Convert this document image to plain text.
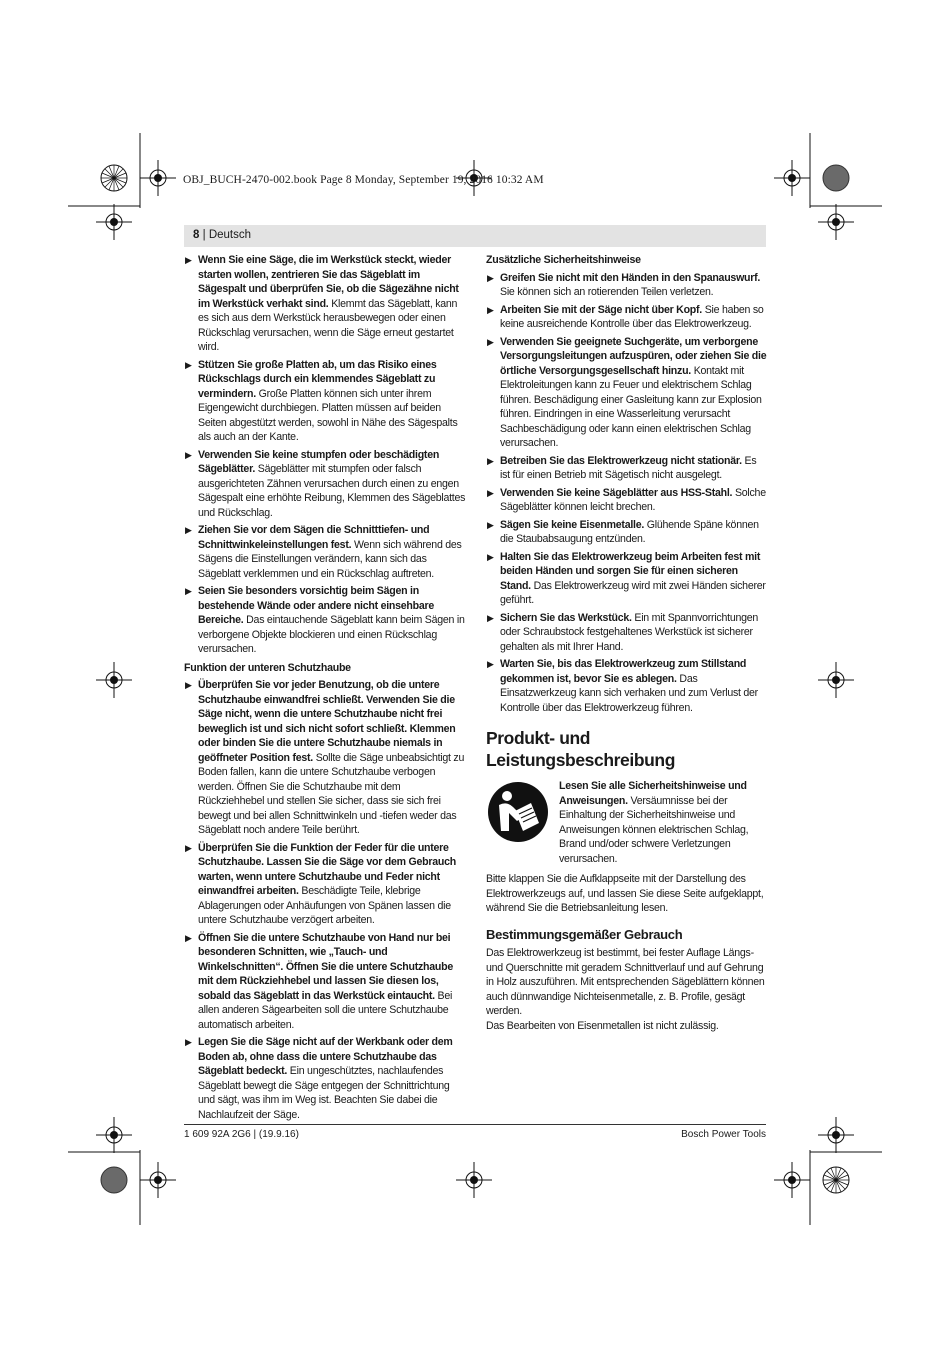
OBJ_BUCH-2470-002.book Page 8 Monday, September 19, 2016 10:32 AM
8 | Deutsch
▶ Wenn Sie eine Säge, die im Werkstück steckt, wieder starten wollen, zentrieren Sie das Sägeblatt im Sägespalt und überprüfen Sie, ob die Sägezähne nicht im Werkstück verhakt sind. Klemmt das Sägeblatt, kann es sich aus dem Werkstück herausbewegen oder einen Rückschlag verursachen, wenn die Säge erneut gestartet wird.
▶ Stützen Sie große Platten ab, um das Risiko eines Rückschlags durch ein klemmendes Sägeblatt zu vermindern. Große Platten können sich unter ihrem Eigengewicht durchbiegen. Platten müssen auf beiden Seiten abgestützt werden, sowohl in Nähe des Sägespalts als auch an der Kante.
▶ Verwenden Sie keine stumpfen oder beschädigten Sägeblätter. Sägeblätter mit stumpfen oder falsch ausgerichteten Zähnen verursachen durch einen zu engen Sägespalt eine erhöhte Reibung, Klemmen des Sägeblattes und Rückschlag.
▶ Ziehen Sie vor dem Sägen die Schnitttiefen- und Schnittwinkeleinstellungen fest. Wenn sich während des Sägens die Einstellungen verändern, kann sich das Sägeblatt verklemmen und ein Rückschlag auftreten.
▶ Seien Sie besonders vorsichtig beim Sägen in bestehende Wände oder andere nicht einsehbare Bereiche. Das eintauchende Sägeblatt kann beim Sägen in verborgene Objekte blockieren und einen Rückschlag verursachen.
Funktion der unteren Schutzhaube
▶ Überprüfen Sie vor jeder Benutzung, ob die untere Schutzhaube einwandfrei schließt. Verwenden Sie die Säge nicht, wenn die untere Schutzhaube nicht frei beweglich ist und sich nicht sofort schließt. Klemmen oder binden Sie die untere Schutzhaube niemals in geöffneter Position fest. Sollte die Säge unbeabsichtigt zu Boden fallen, kann die untere Schutzhaube verbogen werden. Öffnen Sie die Schutzhaube mit dem Rückziehhebel und stellen Sie sicher, dass sie sich frei bewegt und bei allen Schnittwinkeln und -tiefen weder das Sägeblatt noch andere Teile berührt.
▶ Überprüfen Sie die Funktion der Feder für die untere Schutzhaube. Lassen Sie die Säge vor dem Gebrauch warten, wenn untere Schutzhaube und Feder nicht einwandfrei arbeiten. Beschädigte Teile, klebrige Ablagerungen oder Anhäufungen von Spänen lassen die untere Schutzhaube verzögert arbeiten.
▶ Öffnen Sie die untere Schutzhaube von Hand nur bei besonderen Schnitten, wie „Tauch- und Winkelschnitten“. Öffnen Sie die untere Schutzhaube mit dem Rückziehhebel und lassen Sie diesen los, sobald das Sägeblatt in das Werkstück eintaucht. Bei allen anderen Sägearbeiten soll die untere Schutzhaube automatisch arbeiten.
▶ Legen Sie die Säge nicht auf der Werkbank oder dem Boden ab, ohne dass die untere Schutzhaube das Sägeblatt bedeckt. Ein ungeschütztes, nachlaufendes Sägeblatt bewegt die Säge entgegen der Schnittrichtung und sägt, was ihm im Weg ist. Beachten Sie dabei die Nachlaufzeit der Säge.
Zusätzliche Sicherheitshinweise
▶ Greifen Sie nicht mit den Händen in den Spanauswurf. Sie können sich an rotierenden Teilen verletzen.
▶ Arbeiten Sie mit der Säge nicht über Kopf. Sie haben so keine ausreichende Kontrolle über das Elektrowerkzeug.
▶ Verwenden Sie geeignete Suchgeräte, um verborgene Versorgungsleitungen aufzuspüren, oder ziehen Sie die örtliche Versorgungsgesellschaft hinzu. Kontakt mit Elektroleitungen kann zu Feuer und elektrischem Schlag führen. Beschädigung einer Gasleitung kann zur Explosion führen. Eindringen in eine Wasserleitung verursacht Sachbeschädigung oder kann einen elektrischen Schlag verursachen.
▶ Betreiben Sie das Elektrowerkzeug nicht stationär. Es ist für einen Betrieb mit Sägetisch nicht ausgelegt.
▶ Verwenden Sie keine Sägeblätter aus HSS-Stahl. Solche Sägeblätter können leicht brechen.
▶ Sägen Sie keine Eisenmetalle. Glühende Späne können die Staubabsaugung entzünden.
▶ Halten Sie das Elektrowerkzeug beim Arbeiten fest mit beiden Händen und sorgen Sie für einen sicheren Stand. Das Elektrowerkzeug wird mit zwei Händen sicherer geführt.
▶ Sichern Sie das Werkstück. Ein mit Spannvorrichtungen oder Schraubstock festgehaltenes Werkstück ist sicherer gehalten als mit Ihrer Hand.
▶ Warten Sie, bis das Elektrowerkzeug zum Stillstand gekommen ist, bevor Sie es ablegen. Das Einsatzwerkzeug kann sich verhaken und zum Verlust der Kontrolle über das Elektrowerkzeug führen.
Produkt- und Leistungsbeschreibung
Lesen Sie alle Sicherheitshinweise und Anweisungen. Versäumnisse bei der Einhaltung der Sicherheitshinweise und Anweisungen können elektrischen Schlag, Brand und/oder schwere Verletzungen verursachen.
Bitte klappen Sie die Aufklappseite mit der Darstellung des Elektrowerkzeugs auf, und lassen Sie diese Seite aufgeklappt, während Sie die Betriebsanleitung lesen.
Bestimmungsgemäßer Gebrauch
Das Elektrowerkzeug ist bestimmt, bei fester Auflage Längs- und Querschnitte mit geradem Schnittverlauf und auf Gehrung in Holz auszuführen. Mit entsprechenden Sägeblättern können auch dünnwandige Nichteisenmetalle, z. B. Profile, gesägt werden.
Das Bearbeiten von Eisenmetallen ist nicht zulässig.
1 609 92A 2G6 | (19.9.16)	Bosch Power Tools
